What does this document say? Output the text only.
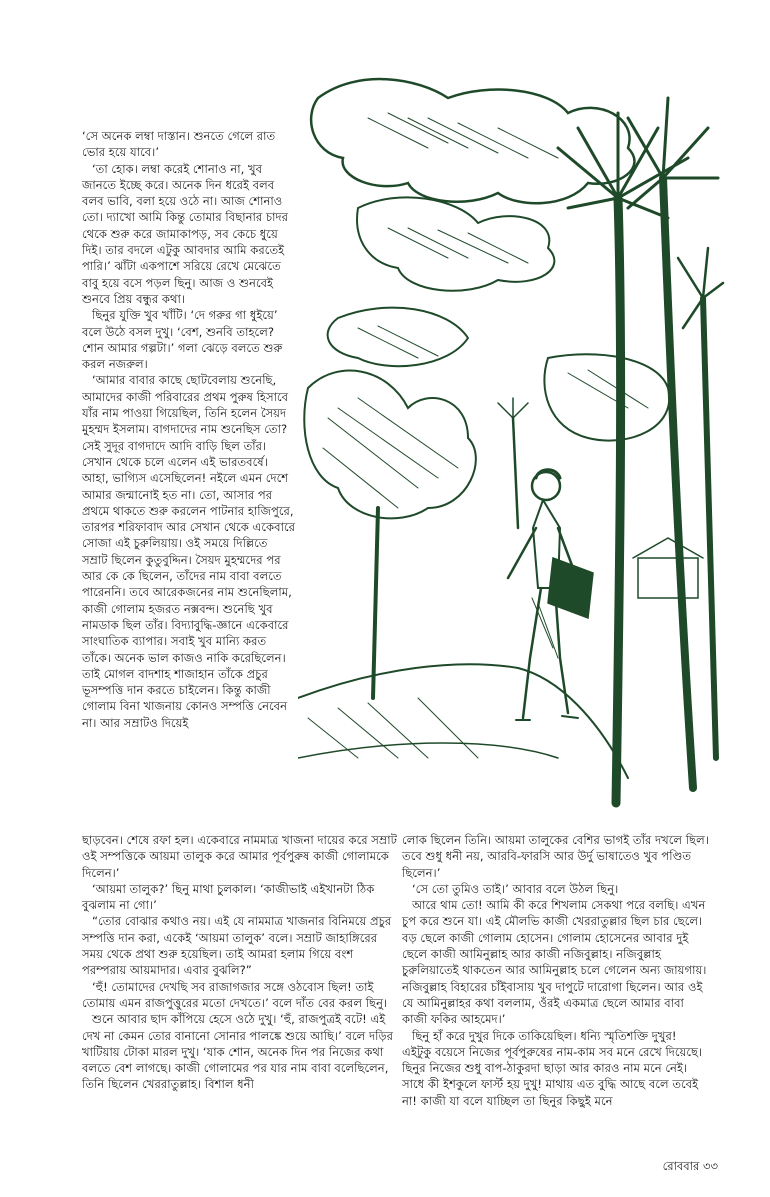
‘সে অনেক লম্বা দাস্তান। শুনতে গেলে রাত ভোর হয়ে যাবে।’

‘তা হোক। লম্বা করেই শোনাও না, খুব জানতে ইচ্ছে করে। অনেক দিন ধরেই বলব বলব ভাবি, বলা হয়ে ওঠে না। আজ শোনাও তো। দ্যাখো আমি কিন্তু তোমার বিছানার চাদর থেকে শুরু করে জামাকাপড়, সব কেচে ধুয়ে দিই। তার বদলে এটুকু আবদার আমি করতেই পারি।’ ঝাঁটা একপাশে সরিয়ে রেখে মেঝেতে বাবু হয়ে বসে পড়ল ছিনু। আজ ও শুনবেই শুনবে প্রিয় বন্ধুর কথা।

ছিনুর যুক্তি খুব খাঁটি। ‘দে গরুর গা ধুইয়ে’ বলে উঠে বসল দুখু। ‘বেশ, শুনবি তাহলে? শোন আমার গল্পটা।’ গলা ঝেড়ে বলতে শুরু করল নজরুল।

‘আমার বাবার কাছে ছোটবেলায় শুনেছি, আমাদের কাজী পরিবারের প্রথম পুরুষ হিসাবে যাঁর নাম পাওয়া গিয়েছিল, তিনি হলেন সৈয়দ মুহম্মদ ইসলাম। বাগদাদের নাম শুনেছিস তো? সেই সুদূর বাগদাদে আদি বাড়ি ছিল তাঁর। সেখান থেকে চলে এলেন এই ভারতবর্ষে। আহা, ভাগ্যিস এসেছিলেন! নইলে এমন দেশে আমার জন্মানোই হত না। তো, আসার পর প্রথমে থাকতে শুরু করলেন পাটনার হাজিপুরে, তারপর শরিফাবাদ আর সেখান থেকে একেবারে সোজা এই চুরুলিয়ায়। ওই সময়ে দিল্লিতে সম্রাট ছিলেন কুতুবুদ্দিন। সৈয়দ মুহম্মদের পর আর কে কে ছিলেন, তাঁদের নাম বাবা বলতে পারেননি। তবে আরেকজনের নাম শুনেছিলাম, কাজী গোলাম হজরত নক্সবন্দ। শুনেছি খুব নামডাক ছিল তাঁর। বিদ্যাবুদ্ধি-জ্ঞানে একেবারে সাংঘাতিক ব্যাপার। সবাই খুব মান্যি করত তাঁকে। অনেক ভাল কাজও নাকি করেছিলেন। তাই মোগল বাদশাহ শাজাহান তাঁকে প্রচুর ভূসম্পত্তি দান করতে চাইলেন। কিন্তু কাজী গোলাম বিনা খাজনায় কোনও সম্পত্তি নেবেন না। আর সম্রাটও দিয়েই

ছাড়বেন। শেষে রফা হল। একেবারে নামমাত্র খাজনা দায়ের করে সম্রাট ওই সম্পত্তিকে আয়মা তালুক করে আমার পূর্বপুরুষ কাজী গোলামকে দিলেন।’

‘আয়মা তালুক?’ ছিনু মাথা চুলকাল। ‘কাজীভাই এইখানটা ঠিক বুঝলাম না গো।’

“তোর বোঝার কথাও নয়। এই যে নামমাত্র খাজনার বিনিময়ে প্রচুর সম্পত্তি দান করা, একেই ‘আয়মা তালুক’ বলে। সম্রাট জাহাঙ্গিরের সময় থেকে প্রথা শুরু হয়েছিল। তাই আমরা হলাম গিয়ে বংশ পরম্পরায় আয়মাদার। এবার বুঝলি?”

‘হুঁ! তোমাদের দেখছি সব রাজাগজার সঙ্গে ওঠবোস ছিল! তাই তোমায় এমন রাজপুত্তুরের মতো দেখতে।’ বলে দাঁত বের করল ছিনু।

শুনে আবার ছাদ কাঁপিয়ে হেসে ওঠে দুখু। ‘হুঁ, রাজপুত্রই বটে! এই দেখ না কেমন তোর বানানো সোনার পালঙ্কে শুয়ে আছি।’ বলে দড়ির খাটিয়ায় টোকা মারল দুখু। ‘যাক শোন, অনেক দিন পর নিজের কথা বলতে বেশ লাগছে। কাজী গোলামের পর যার নাম বাবা বলেছিলেন, তিনি ছিলেন খেররাতুল্লাহ। বিশাল ধনী

লোক ছিলেন তিনি। আয়মা তালুকের বেশির ভাগই তাঁর দখলে ছিল। তবে শুধু ধনী নয়, আরবি-ফারসি আর উর্দু ভাষাতেও খুব পণ্ডিত ছিলেন।’

‘সে তো তুমিও তাই।’ আবার বলে উঠল ছিনু।

আরে থাম তো! আমি কী করে শিখলাম সেকথা পরে বলছি। এখন চুপ করে শুনে যা। এই মৌলভি কাজী খেররাতুল্লার ছিল চার ছেলে। বড় ছেলে কাজী গোলাম হোসেন। গোলাম হোসেনের আবার দুই ছেলে কাজী আমিনুল্লাহ আর কাজী নজিবুল্লাহ। নজিবুল্লাহ চুরুলিয়াতেই থাকতেন আর আমিনুল্লাহ চলে গেলেন অন্য জায়গায়। নজিবুল্লাহ বিহারের চাঁইবাসায় খুব দাপুটে দারোগা ছিলেন। আর ওই যে আমিনুল্লাহর কথা বললাম, ওঁরই একমাত্র ছেলে আমার বাবা কাজী ফকির আহমেদ।’

ছিনু হাঁ করে দুখুর দিকে তাকিয়েছিল। ধন্যি স্মৃতিশক্তি দুখুর! এইটুকু বয়েসে নিজের পূর্বপুরুষের নাম-কাম সব মনে রেখে দিয়েছে। ছিনুর নিজের শুধু বাপ-ঠাকুরদা ছাড়া আর কারও নাম মনে নেই। সাধে কী ইশকুলে ফার্স্ট হয় দুখু! মাথায় এত বুদ্ধি আছে বলে তবেই না! কাজী যা বলে যাচ্ছিল তা ছিনুর কিছুই মনে

রোববার ৩৩
